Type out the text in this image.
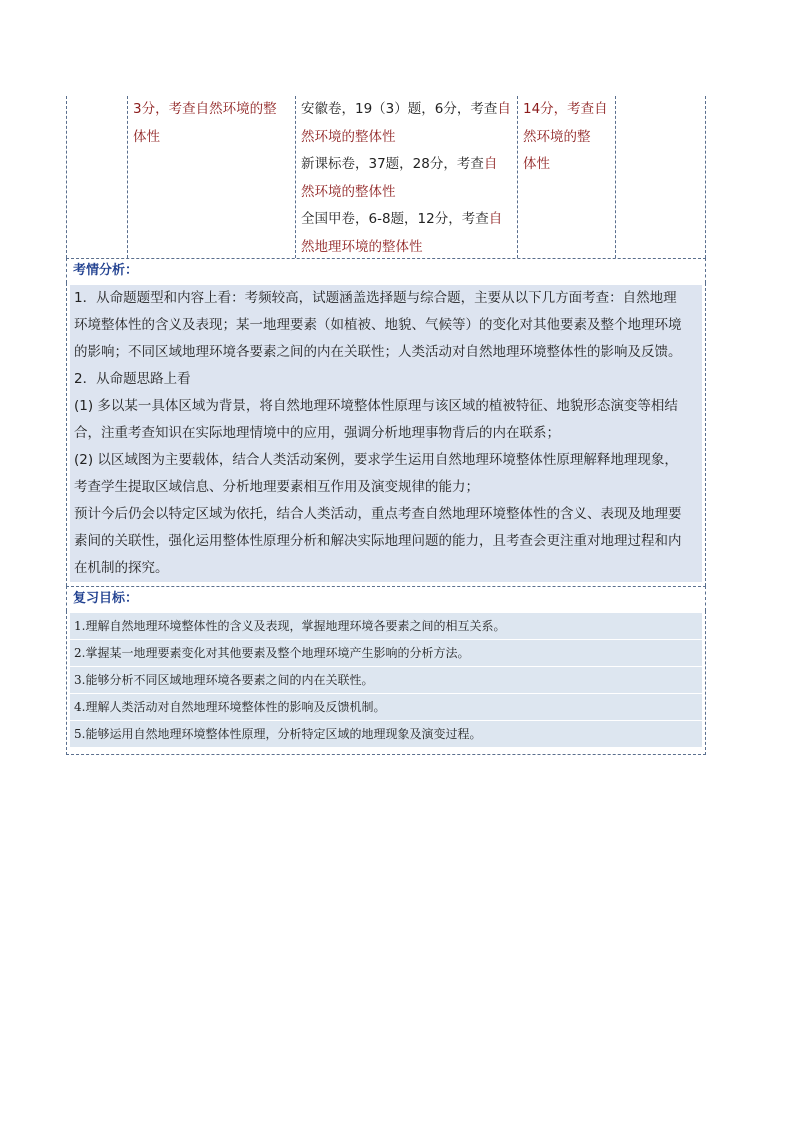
3分，考查自然环境的整
体性
安徽卷，19（3）题，6分，考查自
然环境的整体性
新课标卷，37题，28分，考查自
然环境的整体性
全国甲卷，6-8题，12分，考查自
然地理环境的整体性
14分，考查自
然环境的整
体性
考情分析：
1．从命题题型和内容上看：考频较高，试题涵盖选择题与综合题，主要从以下几方面考查：自然地理
环境整体性的含义及表现；某一地理要素（如植被、地貌、气候等）的变化对其他要素及整个地理环境
的影响；不同区域地理环境各要素之间的内在关联性；人类活动对自然地理环境整体性的影响及反馈。
2．从命题思路上看
(1) 多以某一具体区域为背景，将自然地理环境整体性原理与该区域的植被特征、地貌形态演变等相结
合，注重考查知识在实际地理情境中的应用，强调分析地理事物背后的内在联系；
(2) 以区域图为主要载体，结合人类活动案例，要求学生运用自然地理环境整体性原理解释地理现象，
考查学生提取区域信息、分析地理要素相互作用及演变规律的能力；
预计今后仍会以特定区域为依托，结合人类活动，重点考查自然地理环境整体性的含义、表现及地理要
素间的关联性，强化运用整体性原理分析和解决实际地理问题的能力，且考查会更注重对地理过程和内
在机制的探究。
复习目标：
1.理解自然地理环境整体性的含义及表现，掌握地理环境各要素之间的相互关系。
2.掌握某一地理要素变化对其他要素及整个地理环境产生影响的分析方法。
3.能够分析不同区域地理环境各要素之间的内在关联性。
4.理解人类活动对自然地理环境整体性的影响及反馈机制。
5.能够运用自然地理环境整体性原理，分析特定区域的地理现象及演变过程。
